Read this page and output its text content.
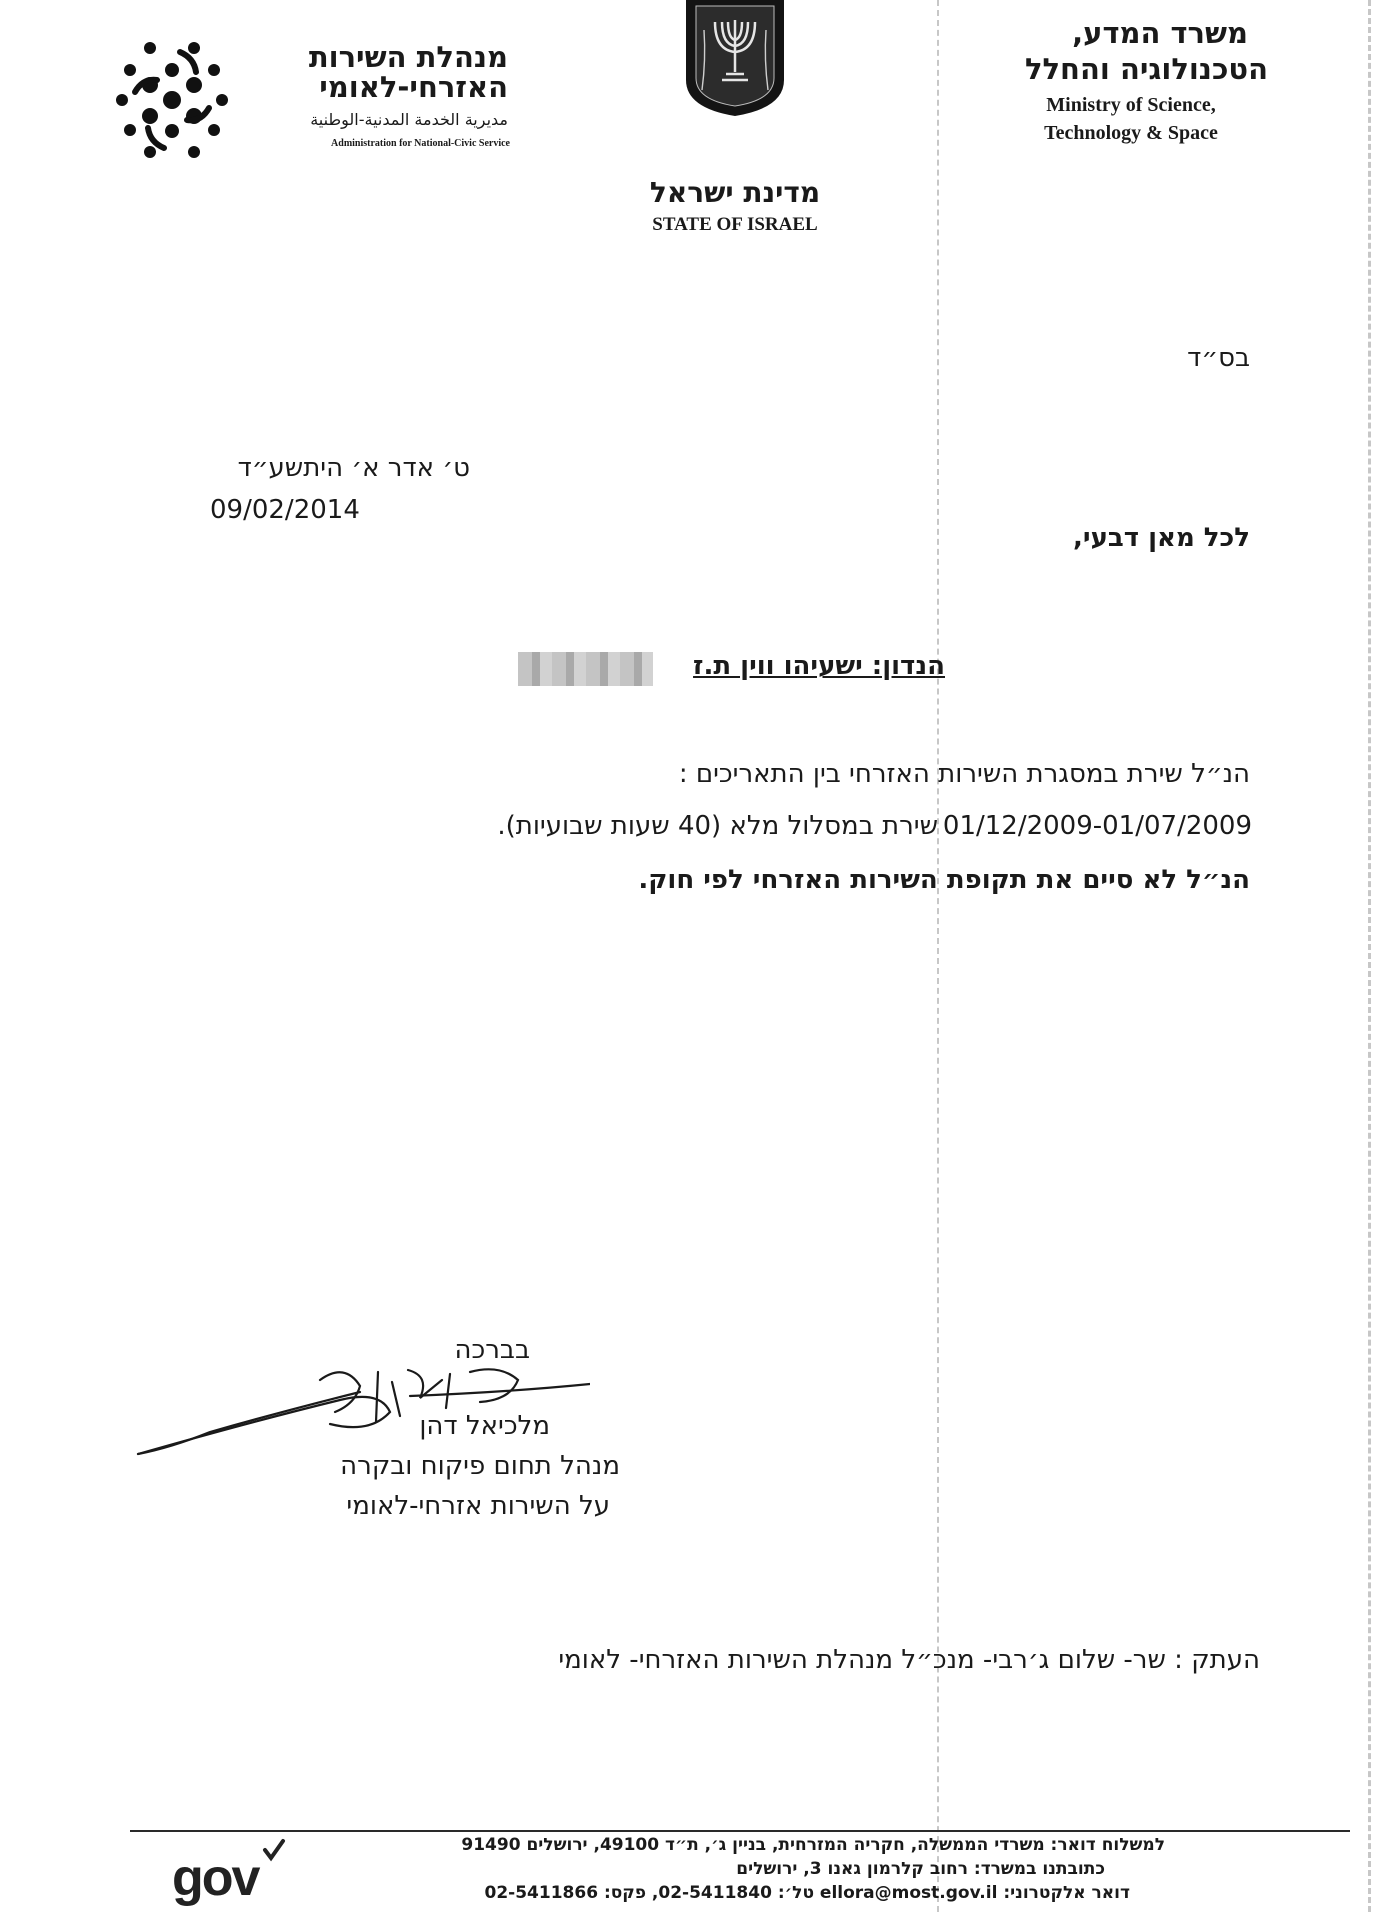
מנהלת השירות
האזרחי-לאומי
مديرية الخدمة المدنية-الوطنية
Administration for National-Civic Service
מדינת ישראל
STATE OF ISRAEL
משרד המדע,
הטכנולוגיה והחלל
Ministry of Science,
Technology & Space
בס״ד
ט׳ אדר א׳ היתשע״ד
09/02/2014
לכל מאן דבעי,
הנדון: ישעיהו ווין ת.ז
הנ״ל שירת במסגרת השירות האזרחי בין התאריכים :
01/12/2009-01/07/2009
שירת במסלול מלא (40 שעות שבועיות).
הנ״ל לא סיים את תקופת השירות האזרחי לפי חוק.
בברכה
מלכיאל דהן
מנהל תחום פיקוח ובקרה
על השירות אזרחי-לאומי
העתק : שר- שלום ג׳רבי- מנכ״ל מנהלת השירות האזרחי- לאומי
למשלוח דואר: משרדי הממשלה, חקריה המזרחית, בניין ג׳, ת״ד 49100, ירושלים 91490
כתובתנו במשרד: רחוב קלרמון גאנו 3, ירושלים
דואר אלקטרוני: ellora@most.gov.il טל׳: 02-5411840, פקס: 02-5411866
gov
